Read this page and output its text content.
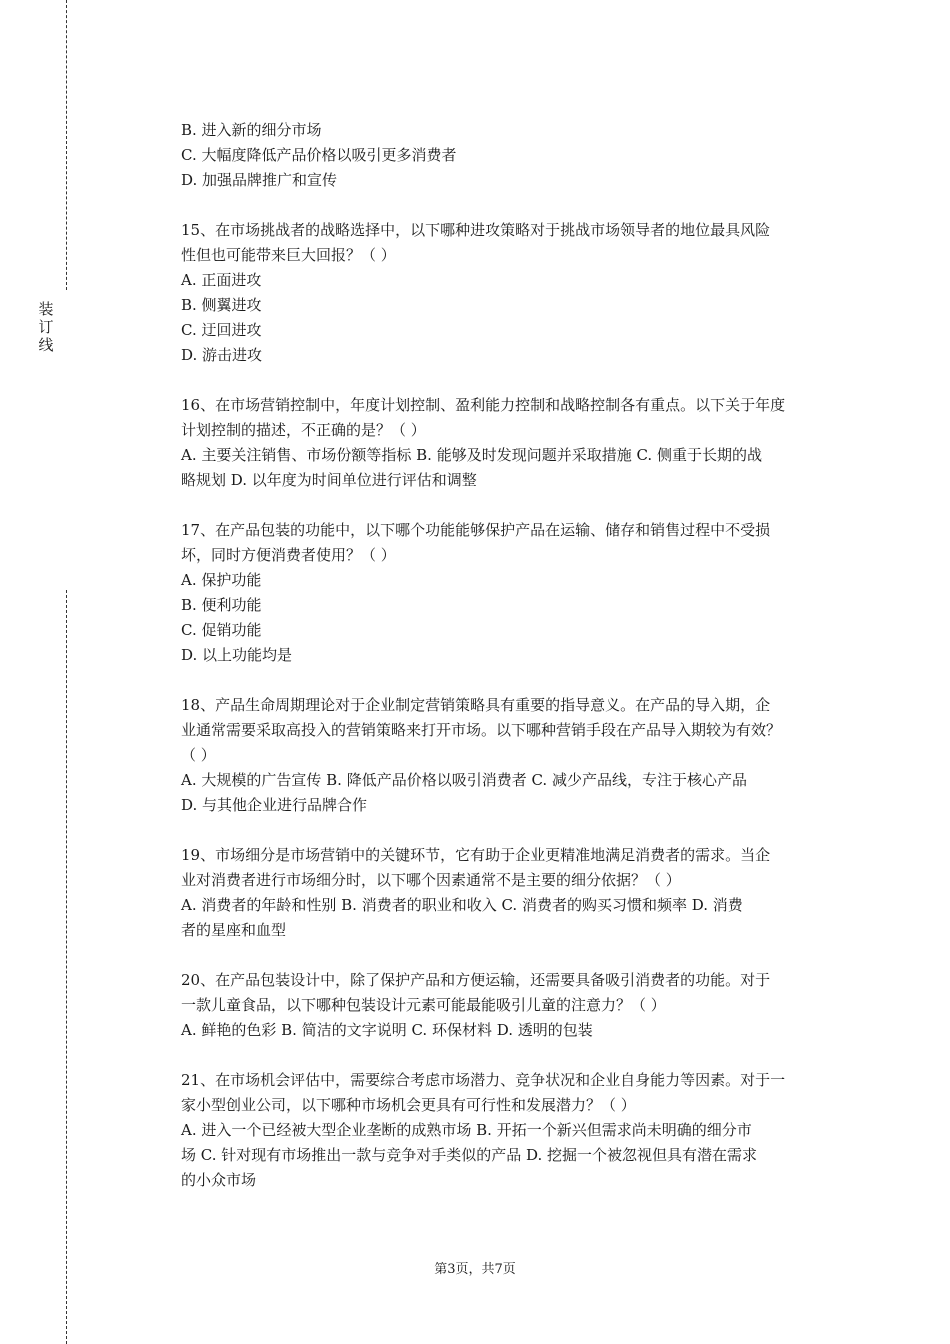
装订线
B. 进入新的细分市场
C. 大幅度降低产品价格以吸引更多消费者
D. 加强品牌推广和宣传
15、在市场挑战者的战略选择中，以下哪种进攻策略对于挑战市场领导者的地位最具风险
性但也可能带来巨大回报？（ ）
A. 正面进攻
B. 侧翼进攻
C. 迂回进攻
D. 游击进攻
16、在市场营销控制中，年度计划控制、盈利能力控制和战略控制各有重点。以下关于年度
计划控制的描述，不正确的是？（ ）
A. 主要关注销售、市场份额等指标 B. 能够及时发现问题并采取措施 C. 侧重于长期的战
略规划 D. 以年度为时间单位进行评估和调整
17、在产品包装的功能中，以下哪个功能能够保护产品在运输、储存和销售过程中不受损
坏，同时方便消费者使用？（ ）
A. 保护功能
B. 便利功能
C. 促销功能
D. 以上功能均是
18、产品生命周期理论对于企业制定营销策略具有重要的指导意义。在产品的导入期，企
业通常需要采取高投入的营销策略来打开市场。以下哪种营销手段在产品导入期较为有效？
（ ）
A. 大规模的广告宣传 B. 降低产品价格以吸引消费者 C. 减少产品线，专注于核心产品
D. 与其他企业进行品牌合作
19、市场细分是市场营销中的关键环节，它有助于企业更精准地满足消费者的需求。当企
业对消费者进行市场细分时，以下哪个因素通常不是主要的细分依据？（ ）
A. 消费者的年龄和性别 B. 消费者的职业和收入 C. 消费者的购买习惯和频率 D. 消费
者的星座和血型
20、在产品包装设计中，除了保护产品和方便运输，还需要具备吸引消费者的功能。对于
一款儿童食品，以下哪种包装设计元素可能最能吸引儿童的注意力？（ ）
A. 鲜艳的色彩 B. 简洁的文字说明 C. 环保材料 D. 透明的包装
21、在市场机会评估中，需要综合考虑市场潜力、竞争状况和企业自身能力等因素。对于一
家小型创业公司，以下哪种市场机会更具有可行性和发展潜力？（ ）
A. 进入一个已经被大型企业垄断的成熟市场 B. 开拓一个新兴但需求尚未明确的细分市
场 C. 针对现有市场推出一款与竞争对手类似的产品 D. 挖掘一个被忽视但具有潜在需求
的小众市场
第3页，共7页
